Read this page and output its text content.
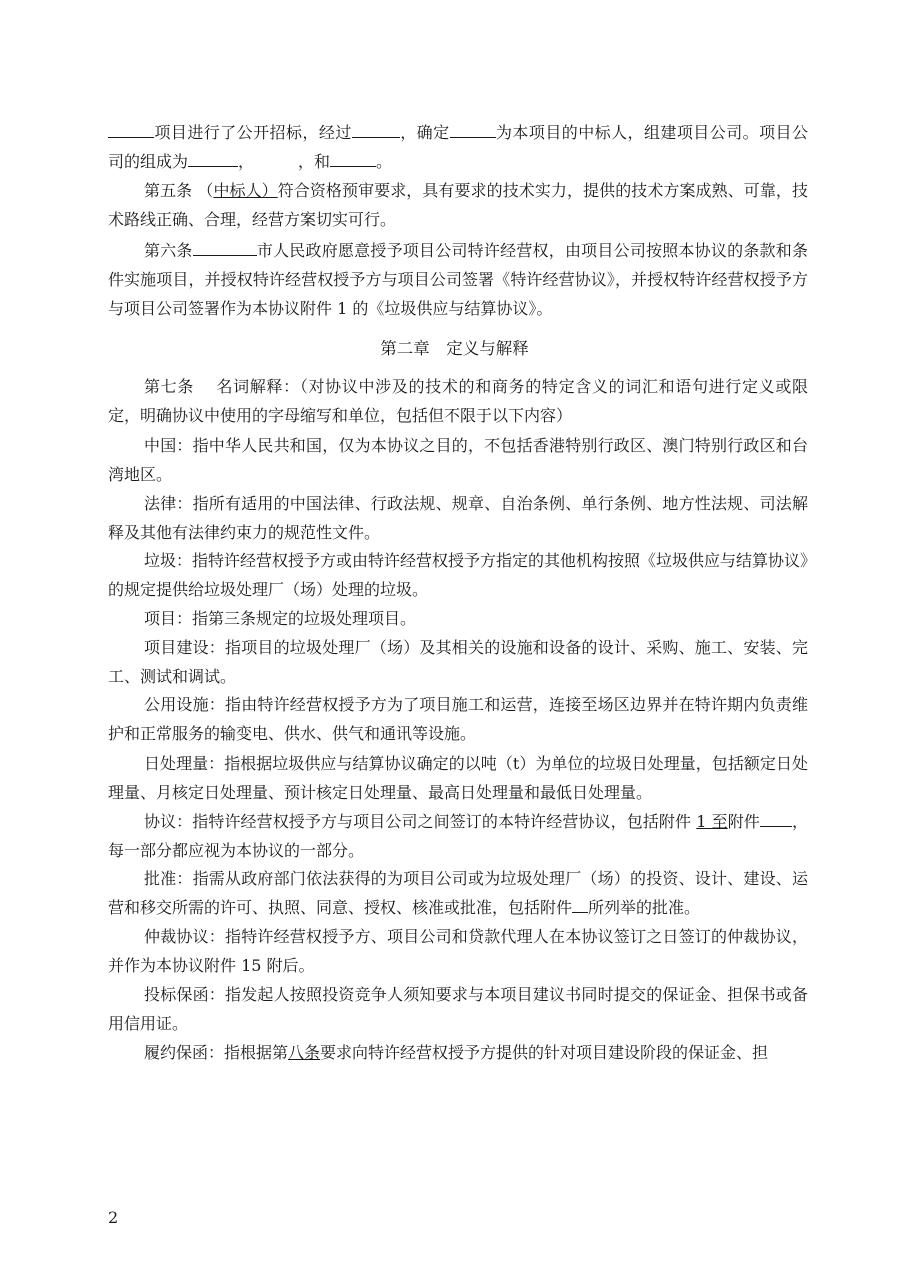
项目进行了公开招标，经过	，确定	为本项目的中标人，组建项目公司。项目公司的组成为	，	，和	。
第五条 （中标人）符合资格预审要求，具有要求的技术实力，提供的技术方案成熟、可靠，技术路线正确、合理，经营方案切实可行。
第六条	市人民政府愿意授予项目公司特许经营权，由项目公司按照本协议的条款和条件实施项目，并授权特许经营权授予方与项目公司签署《特许经营协议》，并授权特许经营权授予方与项目公司签署作为本协议附件 1 的《垃圾供应与结算协议》。
第二章　定义与解释
第七条　 名词解释：（对协议中涉及的技术的和商务的特定含义的词汇和语句进行定义或限定，明确协议中使用的字母缩写和单位，包括但不限于以下内容）
中国：指中华人民共和国，仅为本协议之目的，不包括香港特别行政区、澳门特别行政区和台湾地区。
法律：指所有适用的中国法律、行政法规、规章、自治条例、单行条例、地方性法规、司法解释及其他有法律约束力的规范性文件。
垃圾：指特许经营权授予方或由特许经营权授予方指定的其他机构按照《垃圾供应与结算协议》的规定提供给垃圾处理厂（场）处理的垃圾。
项目：指第三条规定的垃圾处理项目。
项目建设：指项目的垃圾处理厂（场）及其相关的设施和设备的设计、采购、施工、安装、完工、测试和调试。
公用设施：指由特许经营权授予方为了项目施工和运营，连接至场区边界并在特许期内负责维护和正常服务的输变电、供水、供气和通讯等设施。
日处理量：指根据垃圾供应与结算协议确定的以吨（t）为单位的垃圾日处理量，包括额定日处理量、月核定日处理量、预计核定日处理量、最高日处理量和最低日处理量。
协议：指特许经营权授予方与项目公司之间签订的本特许经营协议，包括附件 1 至附件 ，每一部分都应视为本协议的一部分。
批准：指需从政府部门依法获得的为项目公司或为垃圾处理厂（场）的投资、设计、建设、运营和移交所需的许可、执照、同意、授权、核准或批准，包括附件 所列举的批准。
仲裁协议：指特许经营权授予方、项目公司和贷款代理人在本协议签订之日签订的仲裁协议，并作为本协议附件 15 附后。
投标保函：指发起人按照投资竞争人须知要求与本项目建议书同时提交的保证金、担保书或备用信用证。
履约保函：指根据第八条要求向特许经营权授予方提供的针对项目建设阶段的保证金、担
2
